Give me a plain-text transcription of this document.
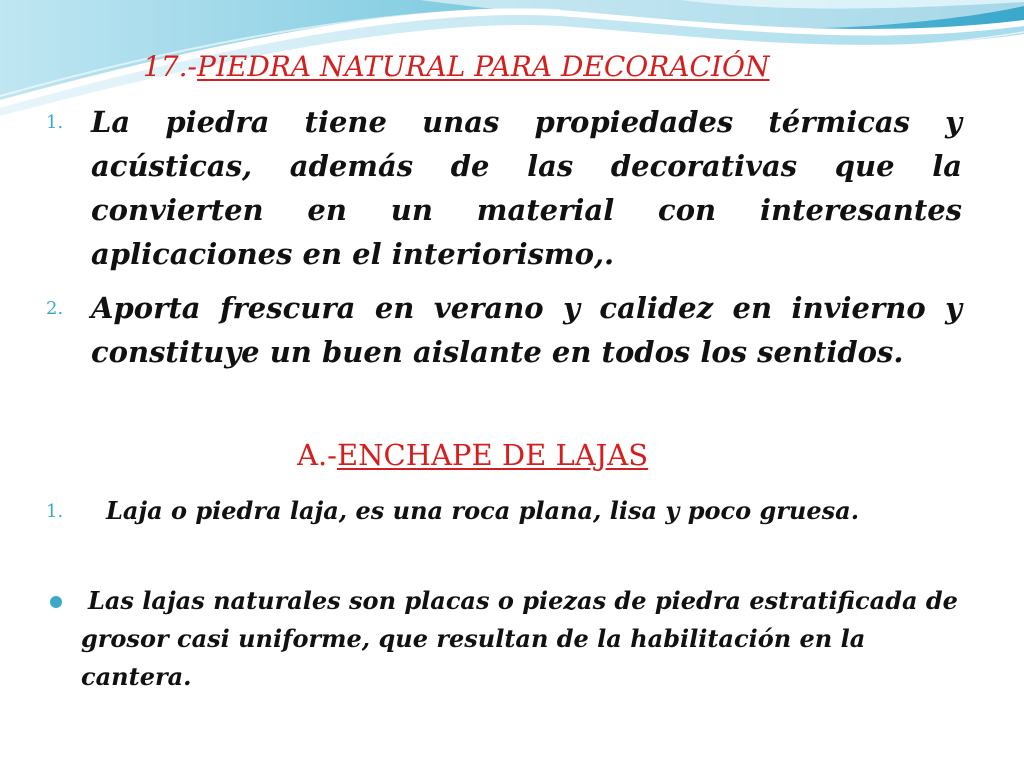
17.-PIEDRA NATURAL PARA DECORACIÓN
1. La piedra tiene unas propiedades térmicas y acústicas, además de las decorativas que la convierten en un material con interesantes aplicaciones en el interiorismo,.
2. Aporta frescura en verano y calidez en invierno y constituye un buen aislante en todos los sentidos.
A.-ENCHAPE DE LAJAS
1. Laja o piedra laja, es una roca plana, lisa y poco gruesa.
Las lajas naturales son placas o piezas de piedra estratificada de grosor casi uniforme, que resultan de la habilitación en la cantera.
